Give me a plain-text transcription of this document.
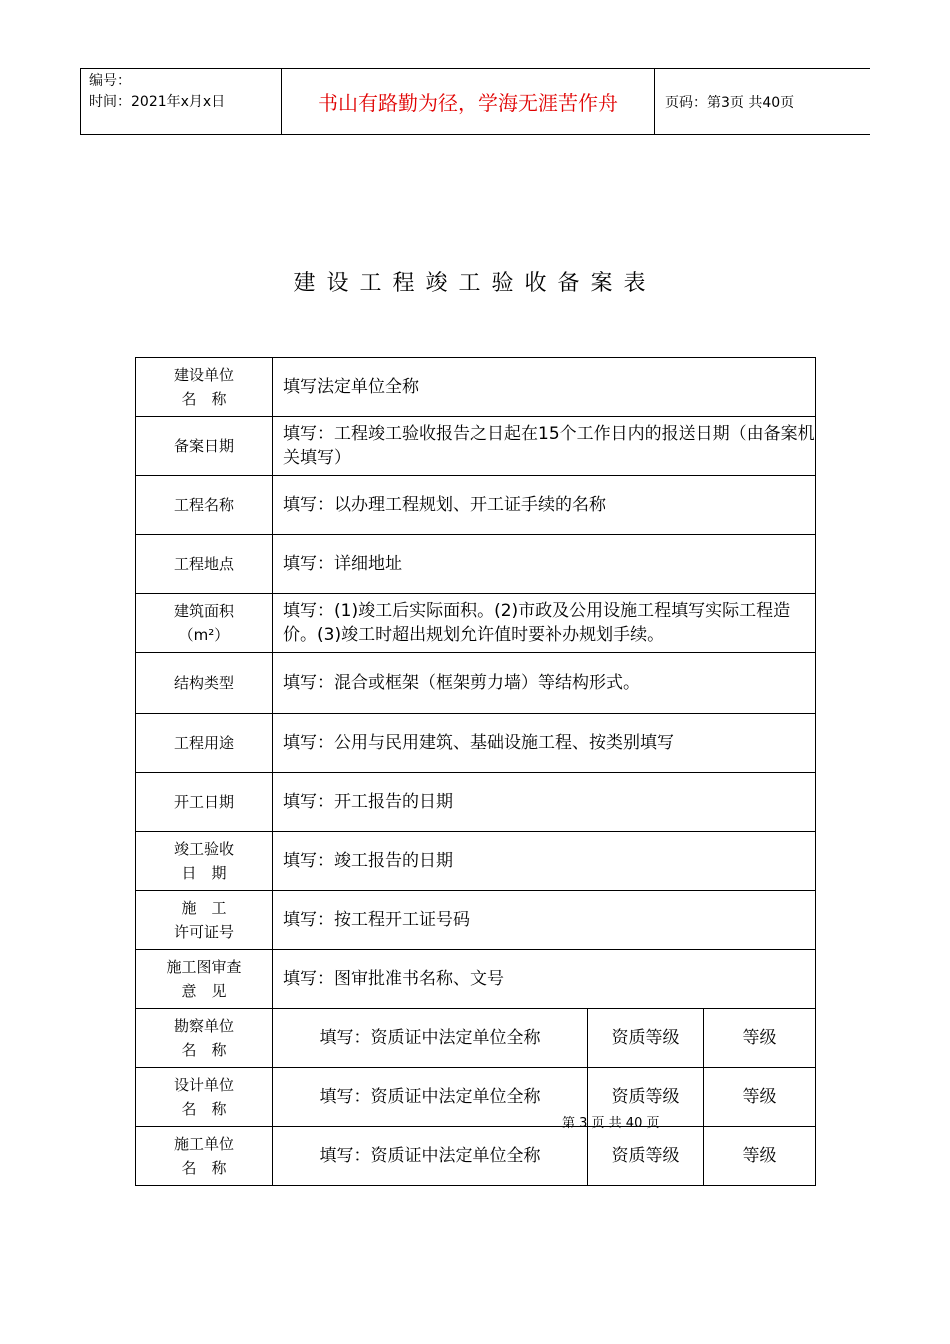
编号：
时间：2021年x月x日	书山有路勤为径，学海无涯苦作舟	页码：第3页 共40页
建设工程竣工验收备案表
建设单位
名　称	填写法定单位全称		

备案日期	填写：工程竣工验收报告之日起在15个工作日内的报送日期（由备案机关填写）		

工程名称	填写：以办理工程规划、开工证手续的名称		

工程地点	填写：详细地址		

建筑面积
（m²）	填写：(1)竣工后实际面积。(2)市政及公用设施工程填写实际工程造价。(3)竣工时超出规划允许值时要补办规划手续。		

结构类型	填写：混合或框架（框架剪力墙）等结构形式。		

工程用途	填写：公用与民用建筑、基础设施工程、按类别填写		

开工日期	填写：开工报告的日期		

竣工验收
日　期	填写：竣工报告的日期		

施　工
许可证号	填写：按工程开工证号码		

施工图审查
意　见	填写：图审批准书名称、文号		

勘察单位
名　称	填写：资质证中法定单位全称	资质等级	等级

设计单位
名　称	填写：资质证中法定单位全称	资质等级	等级

施工单位
名　称	填写：资质证中法定单位全称	资质等级	等级
第 3 页 共 40 页
